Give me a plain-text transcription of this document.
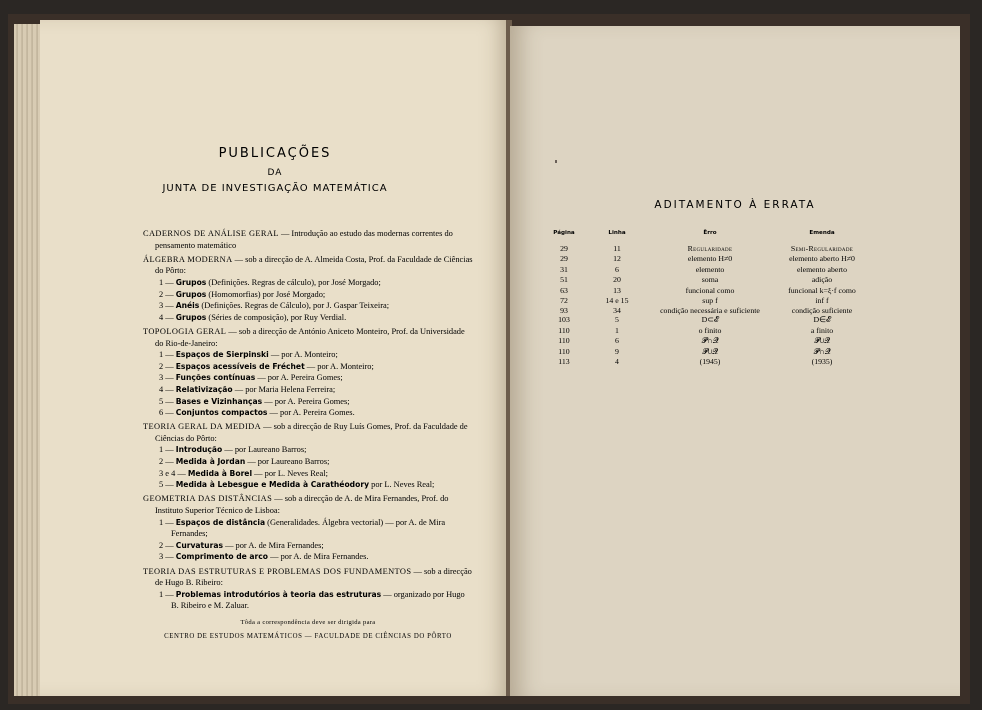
PUBLICAÇÕES
DA
JUNTA DE INVESTIGAÇÃO MATEMÁTICA
CADERNOS DE ANÁLISE GERAL — Introdução ao estudo das modernas correntes do pensamento matemático
ÁLGEBRA MODERNA — sob a direcção de A. Almeida Costa, Prof. da Faculdade de Ciências do Pôrto:
1 — Grupos (Definições. Regras de cálculo), por José Morgado;
2 — Grupos (Homomorfias) por José Morgado;
3 — Anéis (Definições. Regras de Cálculo), por J. Gaspar Teixeira;
4 — Grupos (Séries de composição), por Ruy Verdial.
TOPOLOGIA GERAL — sob a direcção de António Aniceto Monteiro, Prof. da Universidade do Rio-de-Janeiro:
1 — Espaços de Sierpinski — por A. Monteiro;
2 — Espaços acessíveis de Fréchet — por A. Monteiro;
3 — Funções contínuas — por A. Pereira Gomes;
4 — Relativização — por Maria Helena Ferreira;
5 — Bases e Vizinhanças — por A. Pereira Gomes;
6 — Conjuntos compactos — por A. Pereira Gomes.
TEORIA GERAL DA MEDIDA — sob a direcção de Ruy Luís Gomes, Prof. da Faculdade de Ciências do Pôrto:
1 — Introdução — por Laureano Barros;
2 — Medida à Jordan — por Laureano Barros;
3 e 4 — Medida à Borel — por L. Neves Real;
5 — Medida à Lebesgue e Medida à Carathéodory por L. Neves Real;
GEOMETRIA DAS DISTÂNCIAS — sob a direcção de A. de Mira Fernandes, Prof. do Instituto Superior Técnico de Lisboa:
1 — Espaços de distância (Generalidades. Álgebra vectorial) — por A. de Mira Fernandes;
2 — Curvaturas — por A. de Mira Fernandes;
3 — Comprimento de arco — por A. de Mira Fernandes.
TEORIA DAS ESTRUTURAS E PROBLEMAS DOS FUNDAMENTOS — sob a direcção de Hugo B. Ribeiro:
1 — Problemas introdutórios à teoria das estruturas — organizado por Hugo B. Ribeiro e M. Zaluar.
Tôda a correspondência deve ser dirigida para
CENTRO DE ESTUDOS MATEMÁTICOS — FACULDADE DE CIÊNCIAS DO PÔRTO
ADITAMENTO À ERRATA
Página	Linha	Êrro	Emenda
29	11	Regularidade	Semi-Regularidade
29	12	elemento H≠0	elemento aberto H≠0
31	6	elemento	elemento aberto
51	20	soma	adição
63	13	funcional como	funcional k=ξ·f como
72	14 e 15	sup f	inf f
93	34	condição necessária e suficiente	condição suficiente
103	5	D⊂𝓔	D∈𝓔
110	1	o finito	a finito
110	6	𝓟∩𝓠	𝓟∪𝓠
110	9	𝓟∪𝓠	𝓟∩𝓠
113	4	(1945)	(1935)
